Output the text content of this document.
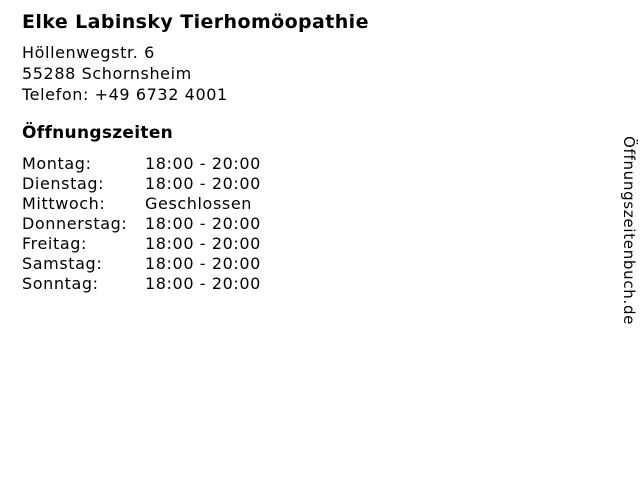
Elke Labinsky Tierhomöopathie
Höllenwegstr. 6
55288 Schornsheim
Telefon: +49 6732 4001
Öffnungszeiten
Montag:	18:00 - 20:00
Dienstag:	18:00 - 20:00
Mittwoch:	Geschlossen
Donnerstag:	18:00 - 20:00
Freitag:	18:00 - 20:00
Samstag:	18:00 - 20:00
Sonntag:	18:00 - 20:00	Öffnungszeitenbuch.de
